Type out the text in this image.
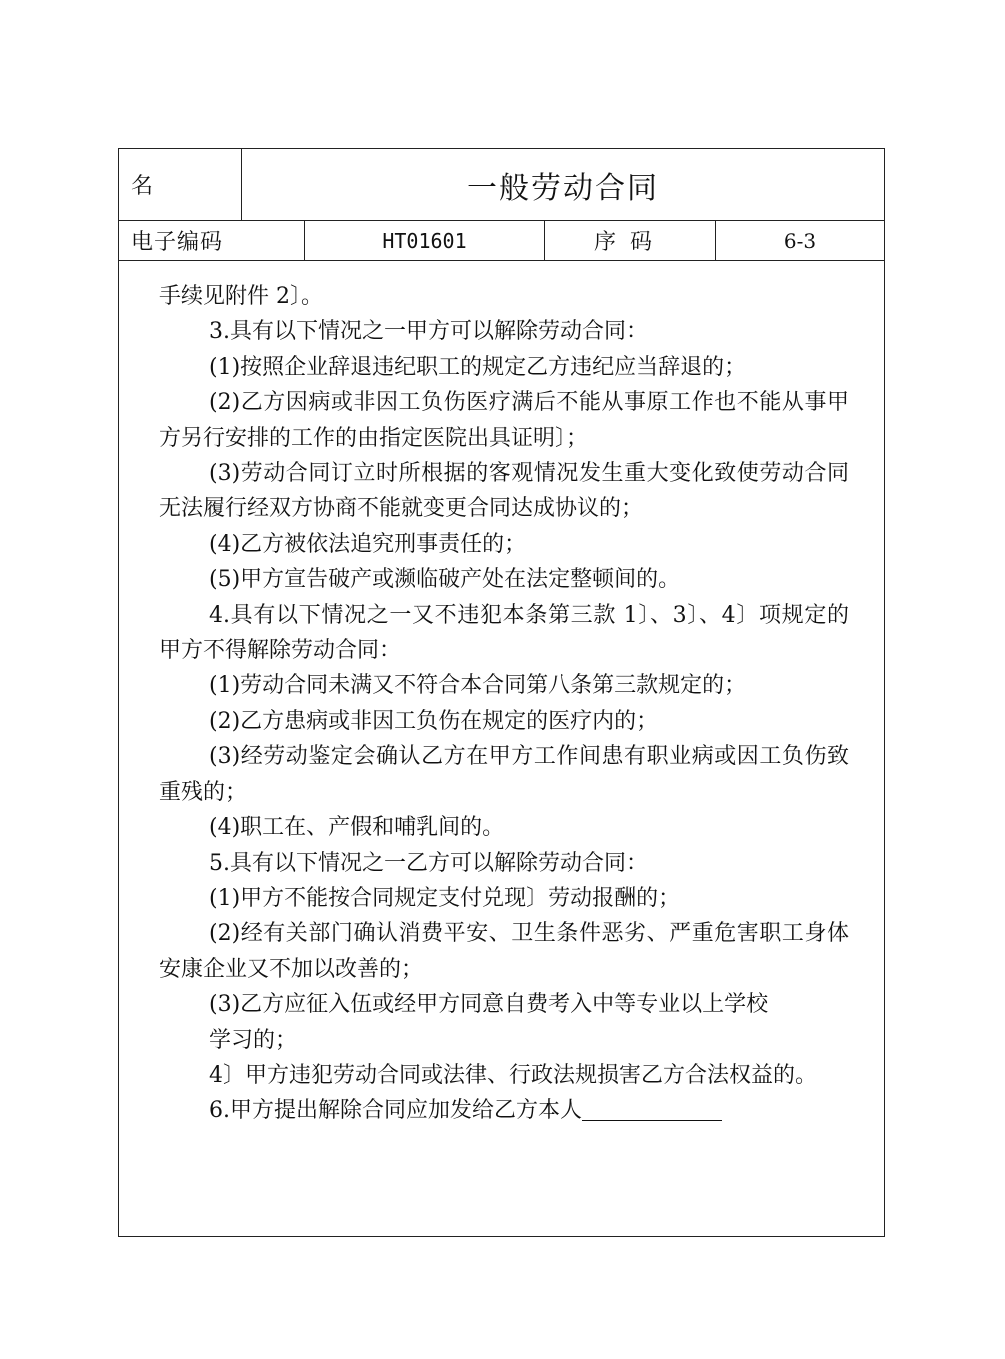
名	一般劳动合同
电子编码	HT01601	序码	6-3

手续见附件 2〕。

3.具有以下情况之一甲方可以解除劳动合同：

(1)按照企业辞退违纪职工的规定乙方违纪应当辞退的；

(2)乙方因病或非因工负伤医疗满后不能从事原工作也不能从事甲方另行安排的工作的由指定医院出具证明〕；

(3)劳动合同订立时所根据的客观情况发生重大变化致使劳动合同无法履行经双方协商不能就变更合同达成协议的；

(4)乙方被依法追究刑事责任的；

(5)甲方宣告破产或濒临破产处在法定整顿间的。

4.具有以下情况之一又不违犯本条第三款 1〕、3〕、4〕项规定的甲方不得解除劳动合同：

(1)劳动合同未满又不符合本合同第八条第三款规定的；

(2)乙方患病或非因工负伤在规定的医疗内的；

(3)经劳动鉴定会确认乙方在甲方工作间患有职业病或因工负伤致重残的；

(4)职工在、产假和哺乳间的。

5.具有以下情况之一乙方可以解除劳动合同：

(1)甲方不能按合同规定支付兑现〕劳动报酬的；

(2)经有关部门确认消费平安、卫生条件恶劣、严重危害职工身体安康企业又不加以改善的；

(3)乙方应征入伍或经甲方同意自费考入中等专业以上学校

学习的；

4〕甲方违犯劳动合同或法律、行政法规损害乙方合法权益的。

6.甲方提出解除合同应加发给乙方本人
